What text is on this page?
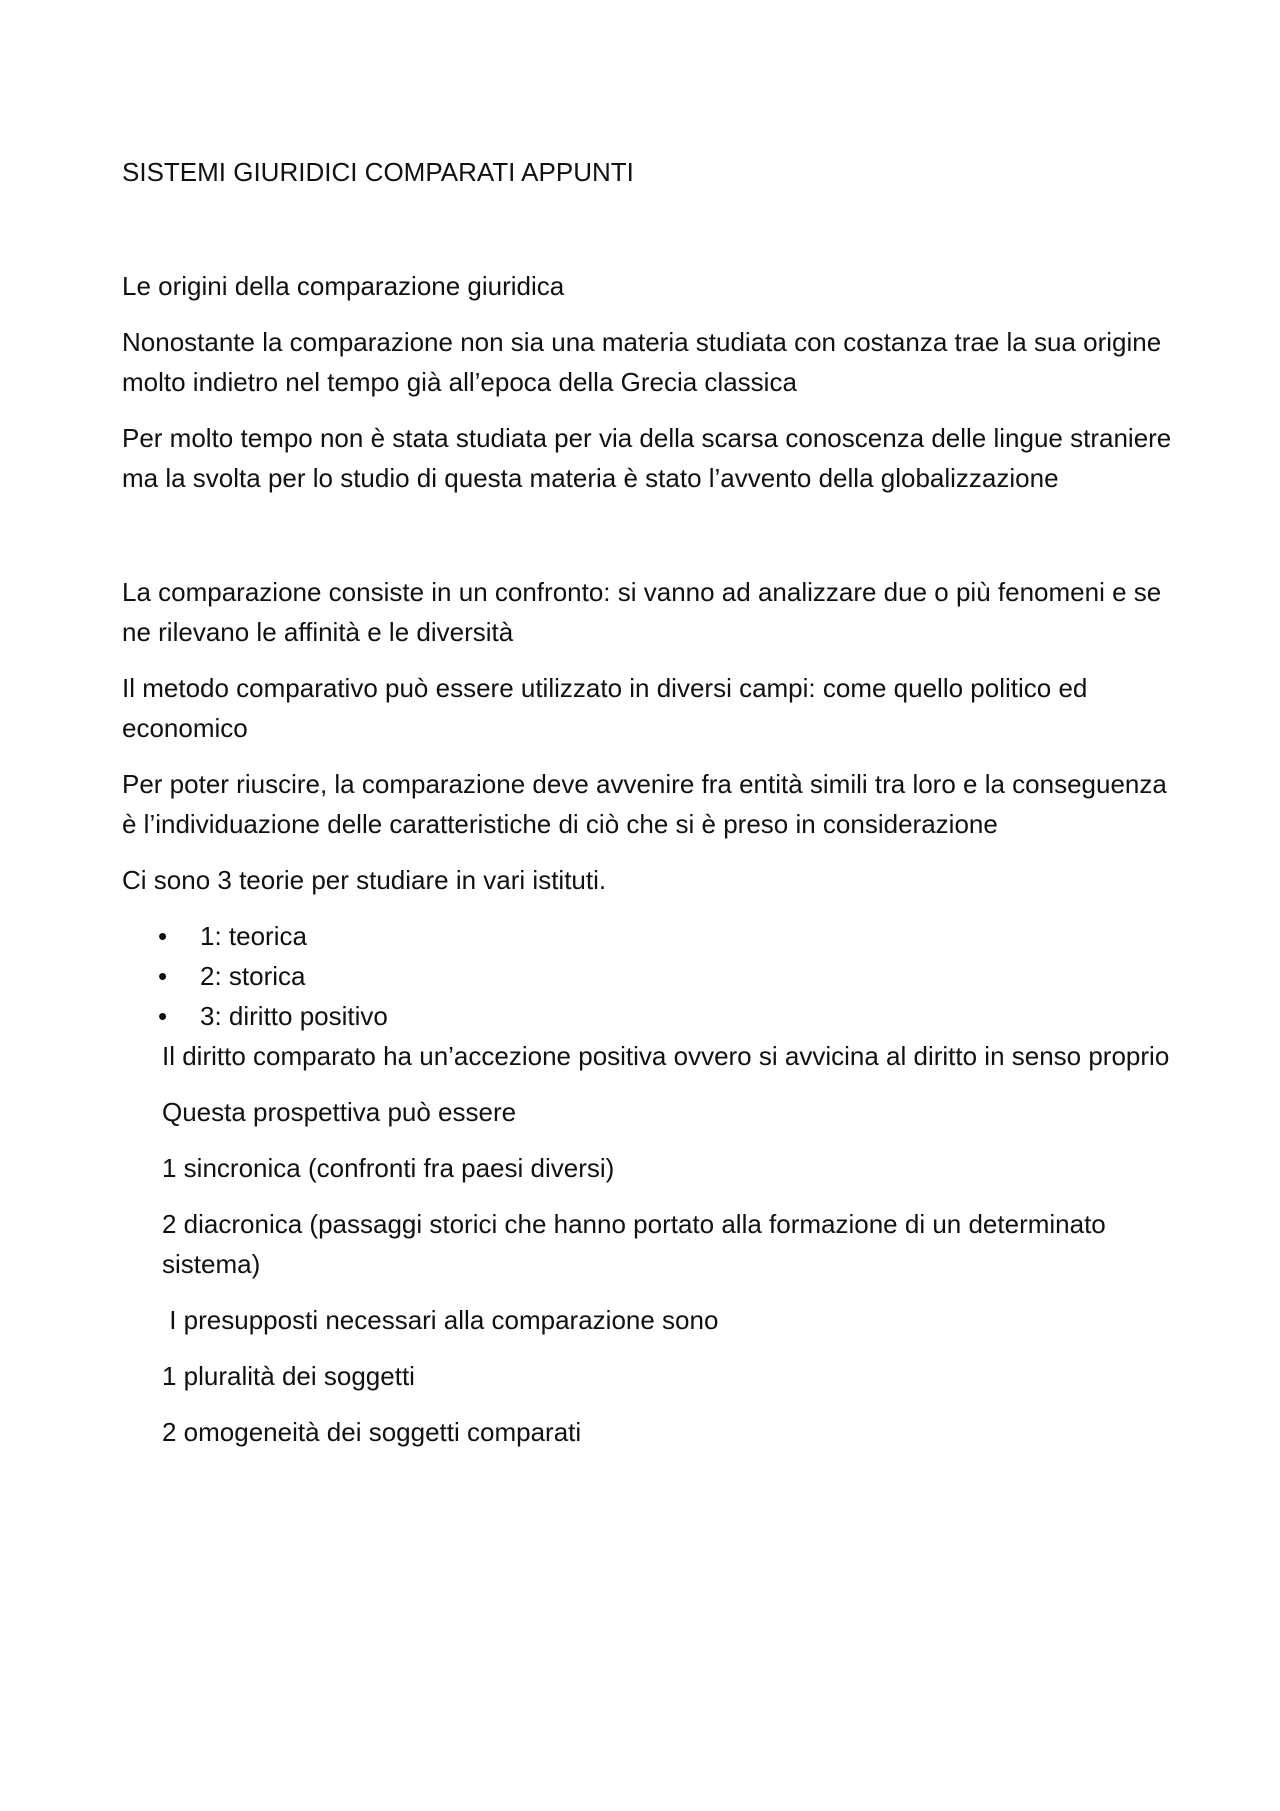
SISTEMI GIURIDICI COMPARATI APPUNTI

Le origini della comparazione giuridica

Nonostante la comparazione non sia una materia studiata con costanza trae la sua origine molto indietro nel tempo già all’epoca della Grecia classica

Per molto tempo non è stata studiata per via della scarsa conoscenza delle lingue straniere ma la svolta per lo studio di questa materia è stato l’avvento della globalizzazione

La comparazione consiste in un confronto: si vanno ad analizzare due o più fenomeni e se ne rilevano le affinità e le diversità

Il metodo comparativo può essere utilizzato in diversi campi: come quello politico ed economico

Per poter riuscire, la comparazione deve avvenire fra entità simili tra loro e la conseguenza è l’individuazione delle caratteristiche di ciò che si è preso in considerazione

Ci sono 3 teorie per studiare in vari istituti.

• 1: teorica
• 2: storica
• 3: diritto positivo

Il diritto comparato ha un’accezione positiva ovvero si avvicina al diritto in senso proprio

Questa prospettiva può essere

1 sincronica (confronti fra paesi diversi)

2 diacronica (passaggi storici che hanno portato alla formazione di un determinato sistema)

I presupposti necessari alla comparazione sono

1 pluralità dei soggetti

2 omogeneità dei soggetti comparati
